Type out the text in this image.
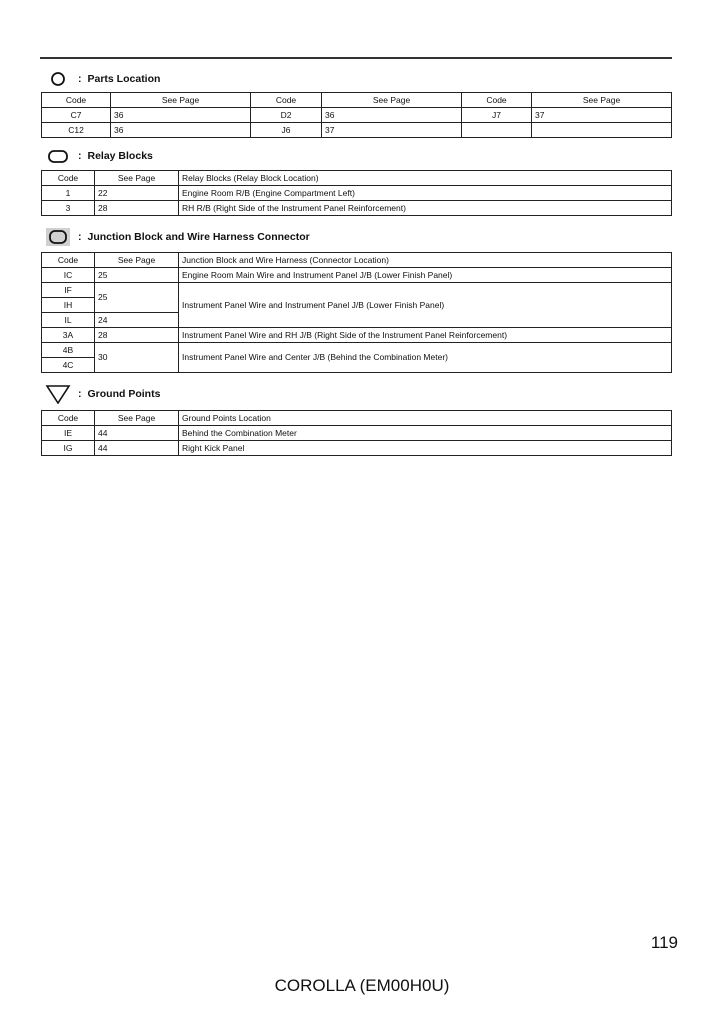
: Parts Location
Code	See Page	Code	See Page	Code	See Page
C7	36	D2	36	J7	37
C12	36	J6	37		
: Relay Blocks
Code	See Page	Relay Blocks (Relay Block Location)
1	22	Engine Room R/B (Engine Compartment Left)
3	28	RH R/B (Right Side of the Instrument Panel Reinforcement)
: Junction Block and Wire Harness Connector
Code	See Page	Junction Block and Wire Harness (Connector Location)
IC	25	Engine Room Main Wire and Instrument Panel J/B (Lower Finish Panel)
IF	25	Instrument Panel Wire and Instrument Panel J/B (Lower Finish Panel)
IH		
IL	24	
3A	28	Instrument Panel Wire and RH J/B (Right Side of the Instrument Panel Reinforcement)
4B	30	Instrument Panel Wire and Center J/B (Behind the Combination Meter)
4C		
: Ground Points
Code	See Page	Ground Points Location
IE	44	Behind the Combination Meter
IG	44	Right Kick Panel
119
COROLLA (EM00H0U)
